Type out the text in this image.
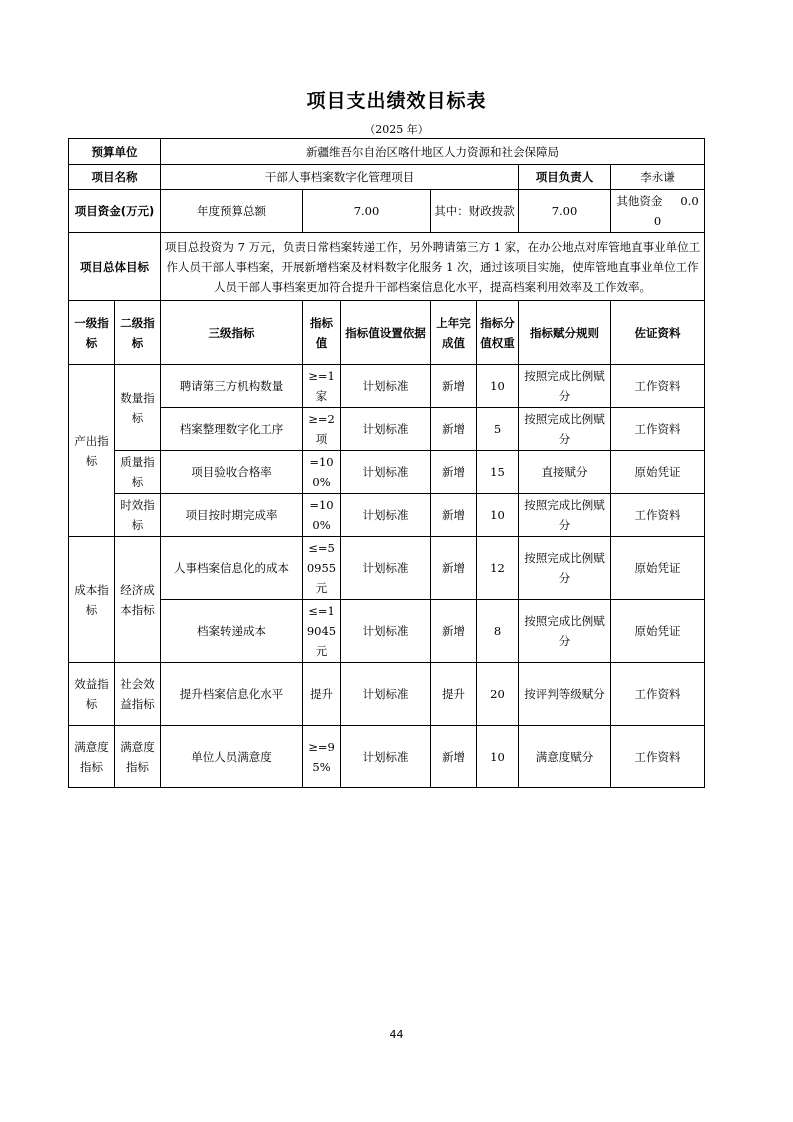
项目支出绩效目标表
（2025 年）
预算单位		新疆维吾尔自治区喀什地区人力资源和社会保障局						
项目名称		干部人事档案数字化管理项目					项目负责人	李永谦
项目资金(万元)		年度预算总额	7.00		其中：财政拨款		7.00	其他资金 0.00
项目总体目标		项目总投资为 7 万元，负责日常档案转递工作，另外聘请第三方 1 家，在办公地点对库管地直事业单位工作人员干部人事档案，开展新增档案及材料数字化服务 1 次，通过该项目实施，使库管地直事业单位工作人员干部人事档案更加符合提升干部档案信息化水平，提高档案利用效率及工作效率。						
一级指标	二级指标	三级指标	指标值	指标值设置依据	上年完成值	指标分值权重	指标赋分规则	佐证资料
产出指标	数量指标	聘请第三方机构数量	≥=1家	计划标准	新增	10	按照完成比例赋分	工作资料
		档案整理数字化工序	≥=2项	计划标准	新增	5	按照完成比例赋分	工作资料
	质量指标	项目验收合格率	=100%	计划标准	新增	15	直接赋分	原始凭证
	时效指标	项目按时期完成率	=100%	计划标准	新增	10	按照完成比例赋分	工作资料
成本指标	经济成本指标	人事档案信息化的成本	≤=50955元	计划标准	新增	12	按照完成比例赋分	原始凭证
		档案转递成本	≤=19045元	计划标准	新增	8	按照完成比例赋分	原始凭证
效益指标	社会效益指标	提升档案信息化水平	提升	计划标准	提升	20	按评判等级赋分	工作资料
满意度指标	满意度指标	单位人员满意度	≥=95%	计划标准	新增	10	满意度赋分	工作资料
44
